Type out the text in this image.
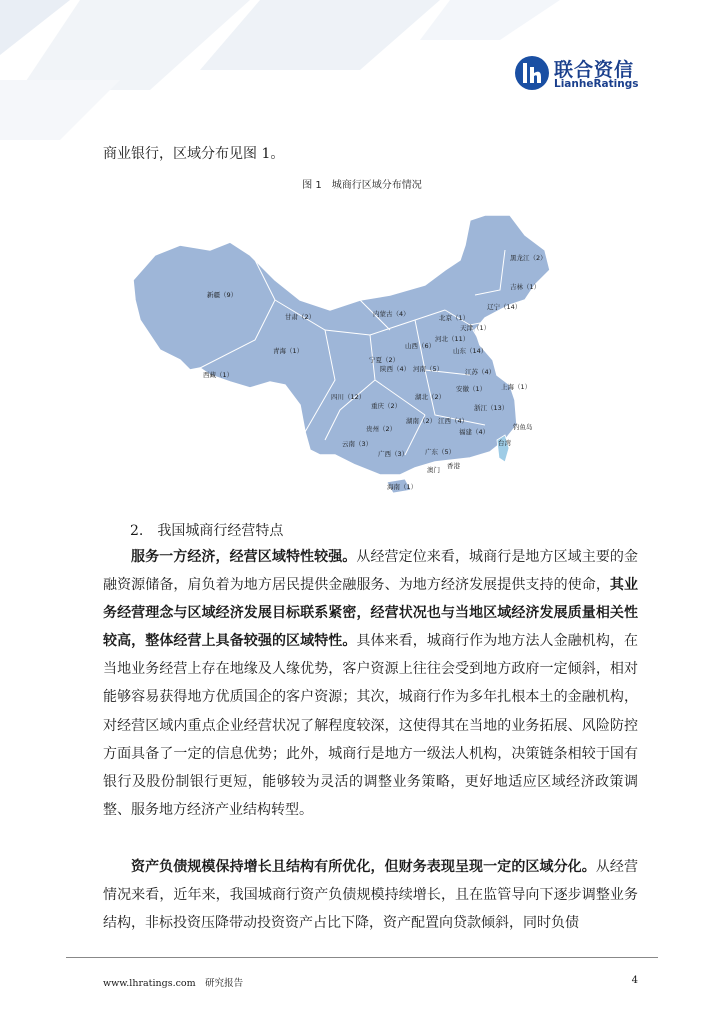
联合资信
LianheRatings
商业银行，区域分布见图 1。
图 1　城商行区域分布情况
黑龙江（2）
吉林（1）
辽宁（14）
新疆（9）
甘肃（2）	内蒙古（4）	北京（1）
天津（1）
河北（11）
宁夏（2）
山西（6）
青海（1）	山东（14）
西藏（1）
陕西（4） 河南（5）	江苏（4）
安徽（1） 上海（1）
四川（12）	湖北（2）
重庆（2）	浙江（13）
贵州（2）
湖南（2） 江西（4）
福建（4）
台湾
钓鱼岛
云南（3）
广西（3）	广东（5）
香港
澳门
海南（1）
2.　我国城商行经营特点

服务一方经济，经营区域特性较强。从经营定位来看，城商行是地方区域主要的金融资源储备，肩负着为地方居民提供金融服务、为地方经济发展提供支持的使命，其业务经营理念与区域经济发展目标联系紧密，经营状况也与当地区域经济发展质量相关性较高，整体经营上具备较强的区域特性。具体来看，城商行作为地方法人金融机构，在当地业务经营上存在地缘及人缘优势，客户资源上往往会受到地方政府一定倾斜，相对能够容易获得地方优质国企的客户资源；其次，城商行作为多年扎根本土的金融机构，对经营区域内重点企业经营状况了解程度较深，这使得其在当地的业务拓展、风险防控方面具备了一定的信息优势；此外，城商行是地方一级法人机构，决策链条相较于国有银行及股份制银行更短，能够较为灵活的调整业务策略，更好地适应区域经济政策调整、服务地方经济产业结构转型。

资产负债规模保持增长且结构有所优化，但财务表现呈现一定的区域分化。从经营情况来看，近年来，我国城商行资产负债规模持续增长，且在监管导向下逐步调整业务结构，非标投资压降带动投资资产占比下降，资产配置向贷款倾斜，同时负债

www.lhratings.com　研究报告	4
